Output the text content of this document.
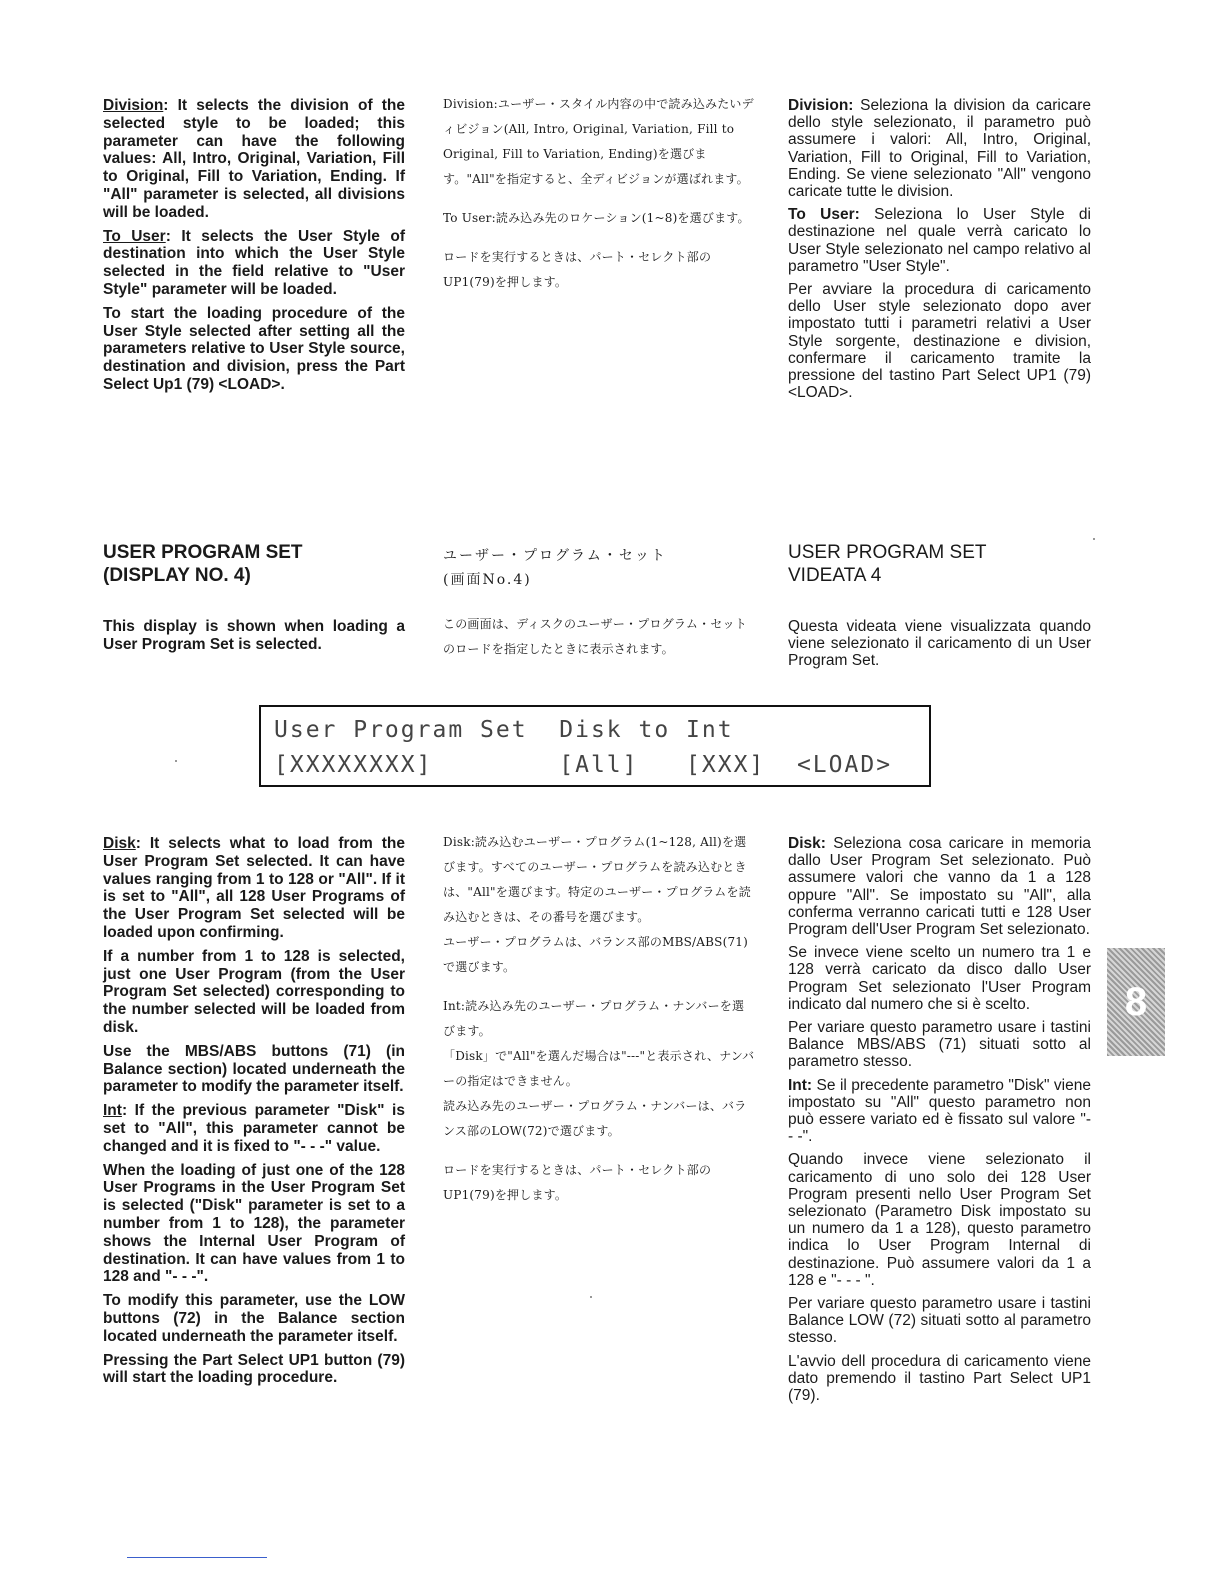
Division: It selects the division of the selected style to be loaded; this parameter can have the following values: All, Intro, Original, Variation, Fill to Original, Fill to Variation, Ending. If "All" parameter is selected, all divisions will be loaded.

To User: It selects the User Style of destination into which the User Style selected in the field relative to "User Style" parameter will be loaded.

To start the loading procedure of the User Style selected after setting all the parameters relative to User Style source, destination and division, press the Part Select Up1 (79) <LOAD>.

Division:ユーザー・スタイル内容の中で読み込みたいディビジョン(All, Intro, Original, Variation, Fill to Original, Fill to Variation, Ending)を選びます。"All"を指定すると、全ディビジョンが選ばれます。

To User:読み込み先のロケーション(1~8)を選びます。

ロードを実行するときは、パート・セレクト部のUP1(79)を押します。

Division: Seleziona la division da caricare dello style selezionato, il parametro può assumere i valori: All, Intro, Original, Variation, Fill to Original, Fill to Variation, Ending. Se viene selezionato "All" vengono caricate tutte le division.

To User: Seleziona lo User Style di destinazione nel quale verrà caricato lo User Style selezionato nel campo relativo al parametro "User Style".

Per avviare la procedura di caricamento dello User style selezionato dopo aver impostato tutti i parametri relativi a User Style sorgente, destinazione e division, confermare il caricamento tramite la pressione del tastino Part Select UP1 (79) <LOAD>.

USER PROGRAM SET
(DISPLAY NO. 4)
ユーザー・プログラム・セット
(画面No.4)
USER PROGRAM SET
VIDEATA 4

This display is shown when loading a User Program Set is selected.

この画面は、ディスクのユーザー・プログラム・セットのロードを指定したときに表示されます。

Questa videata viene visualizzata quando viene selezionato il caricamento di un User Program Set.

User Program Set  Disk to Int
[XXXXXXXX]        [All]   [XXX]  <LOAD>

Disk: It selects what to load from the User Program Set selected. It can have values ranging from 1 to 128 or "All". If it is set to "All", all 128 User Programs of the User Program Set selected will be loaded upon confirming.

If a number from 1 to 128 is selected, just one User Program (from the User Program Set selected) corresponding to the number selected will be loaded from disk.

Use the MBS/ABS buttons (71) (in Balance section) located underneath the parameter to modify the parameter itself.

Int: If the previous parameter "Disk" is set to "All", this parameter cannot be changed and it is fixed to "- - -" value.

When the loading of just one of the 128 User Programs in the User Program Set is selected ("Disk" parameter is set to a number from 1 to 128), the parameter shows the Internal User Program of destination. It can have values from 1 to 128 and "- - -".

To modify this parameter, use the LOW buttons (72) in the Balance section located underneath the parameter itself.

Pressing the Part Select UP1 button (79) will start the loading procedure.

Disk:読み込むユーザー・プログラム(1~128, All)を選びます。すべてのユーザー・プログラムを読み込むときは、"All"を選びます。特定のユーザー・プログラムを読み込むときは、その番号を選びます。

ユーザー・プログラムは、バランス部のMBS/ABS(71)で選びます。

Int:読み込み先のユーザー・プログラム・ナンバーを選びます。

「Disk」で"All"を選んだ場合は"---"と表示され、ナンバーの指定はできません。

読み込み先のユーザー・プログラム・ナンバーは、バランス部のLOW(72)で選びます。

ロードを実行するときは、パート・セレクト部のUP1(79)を押します。

Disk: Seleziona cosa caricare in memoria dallo User Program Set selezionato. Può assumere valori che vanno da 1 a 128 oppure "All". Se impostato su "All", alla conferma verranno caricati tutti e 128 User Program dell'User Program Set selezionato.

Se invece viene scelto un numero tra 1 e 128 verrà caricato da disco dallo User Program Set selezionato l'User Program indicato dal numero che si è scelto.

Per variare questo parametro usare i tastini Balance MBS/ABS (71) situati sotto al parametro stesso.

Int: Se il precedente parametro "Disk" viene impostato su "All" questo parametro non può essere variato ed è fissato sul valore "- - -".

Quando invece viene selezionato il caricamento di uno solo dei 128 User Program presenti nello User Program Set selezionato (Parametro Disk impostato su un numero da 1 a 128), questo parametro indica lo User Program Internal di destinazione. Può assumere valori da 1 a 128 e "- - - ".

Per variare questo parametro usare i tastini Balance LOW (72) situati sotto al parametro stesso.

L'avvio dell procedura di caricamento viene dato premendo il tastino Part Select UP1 (79).

8
